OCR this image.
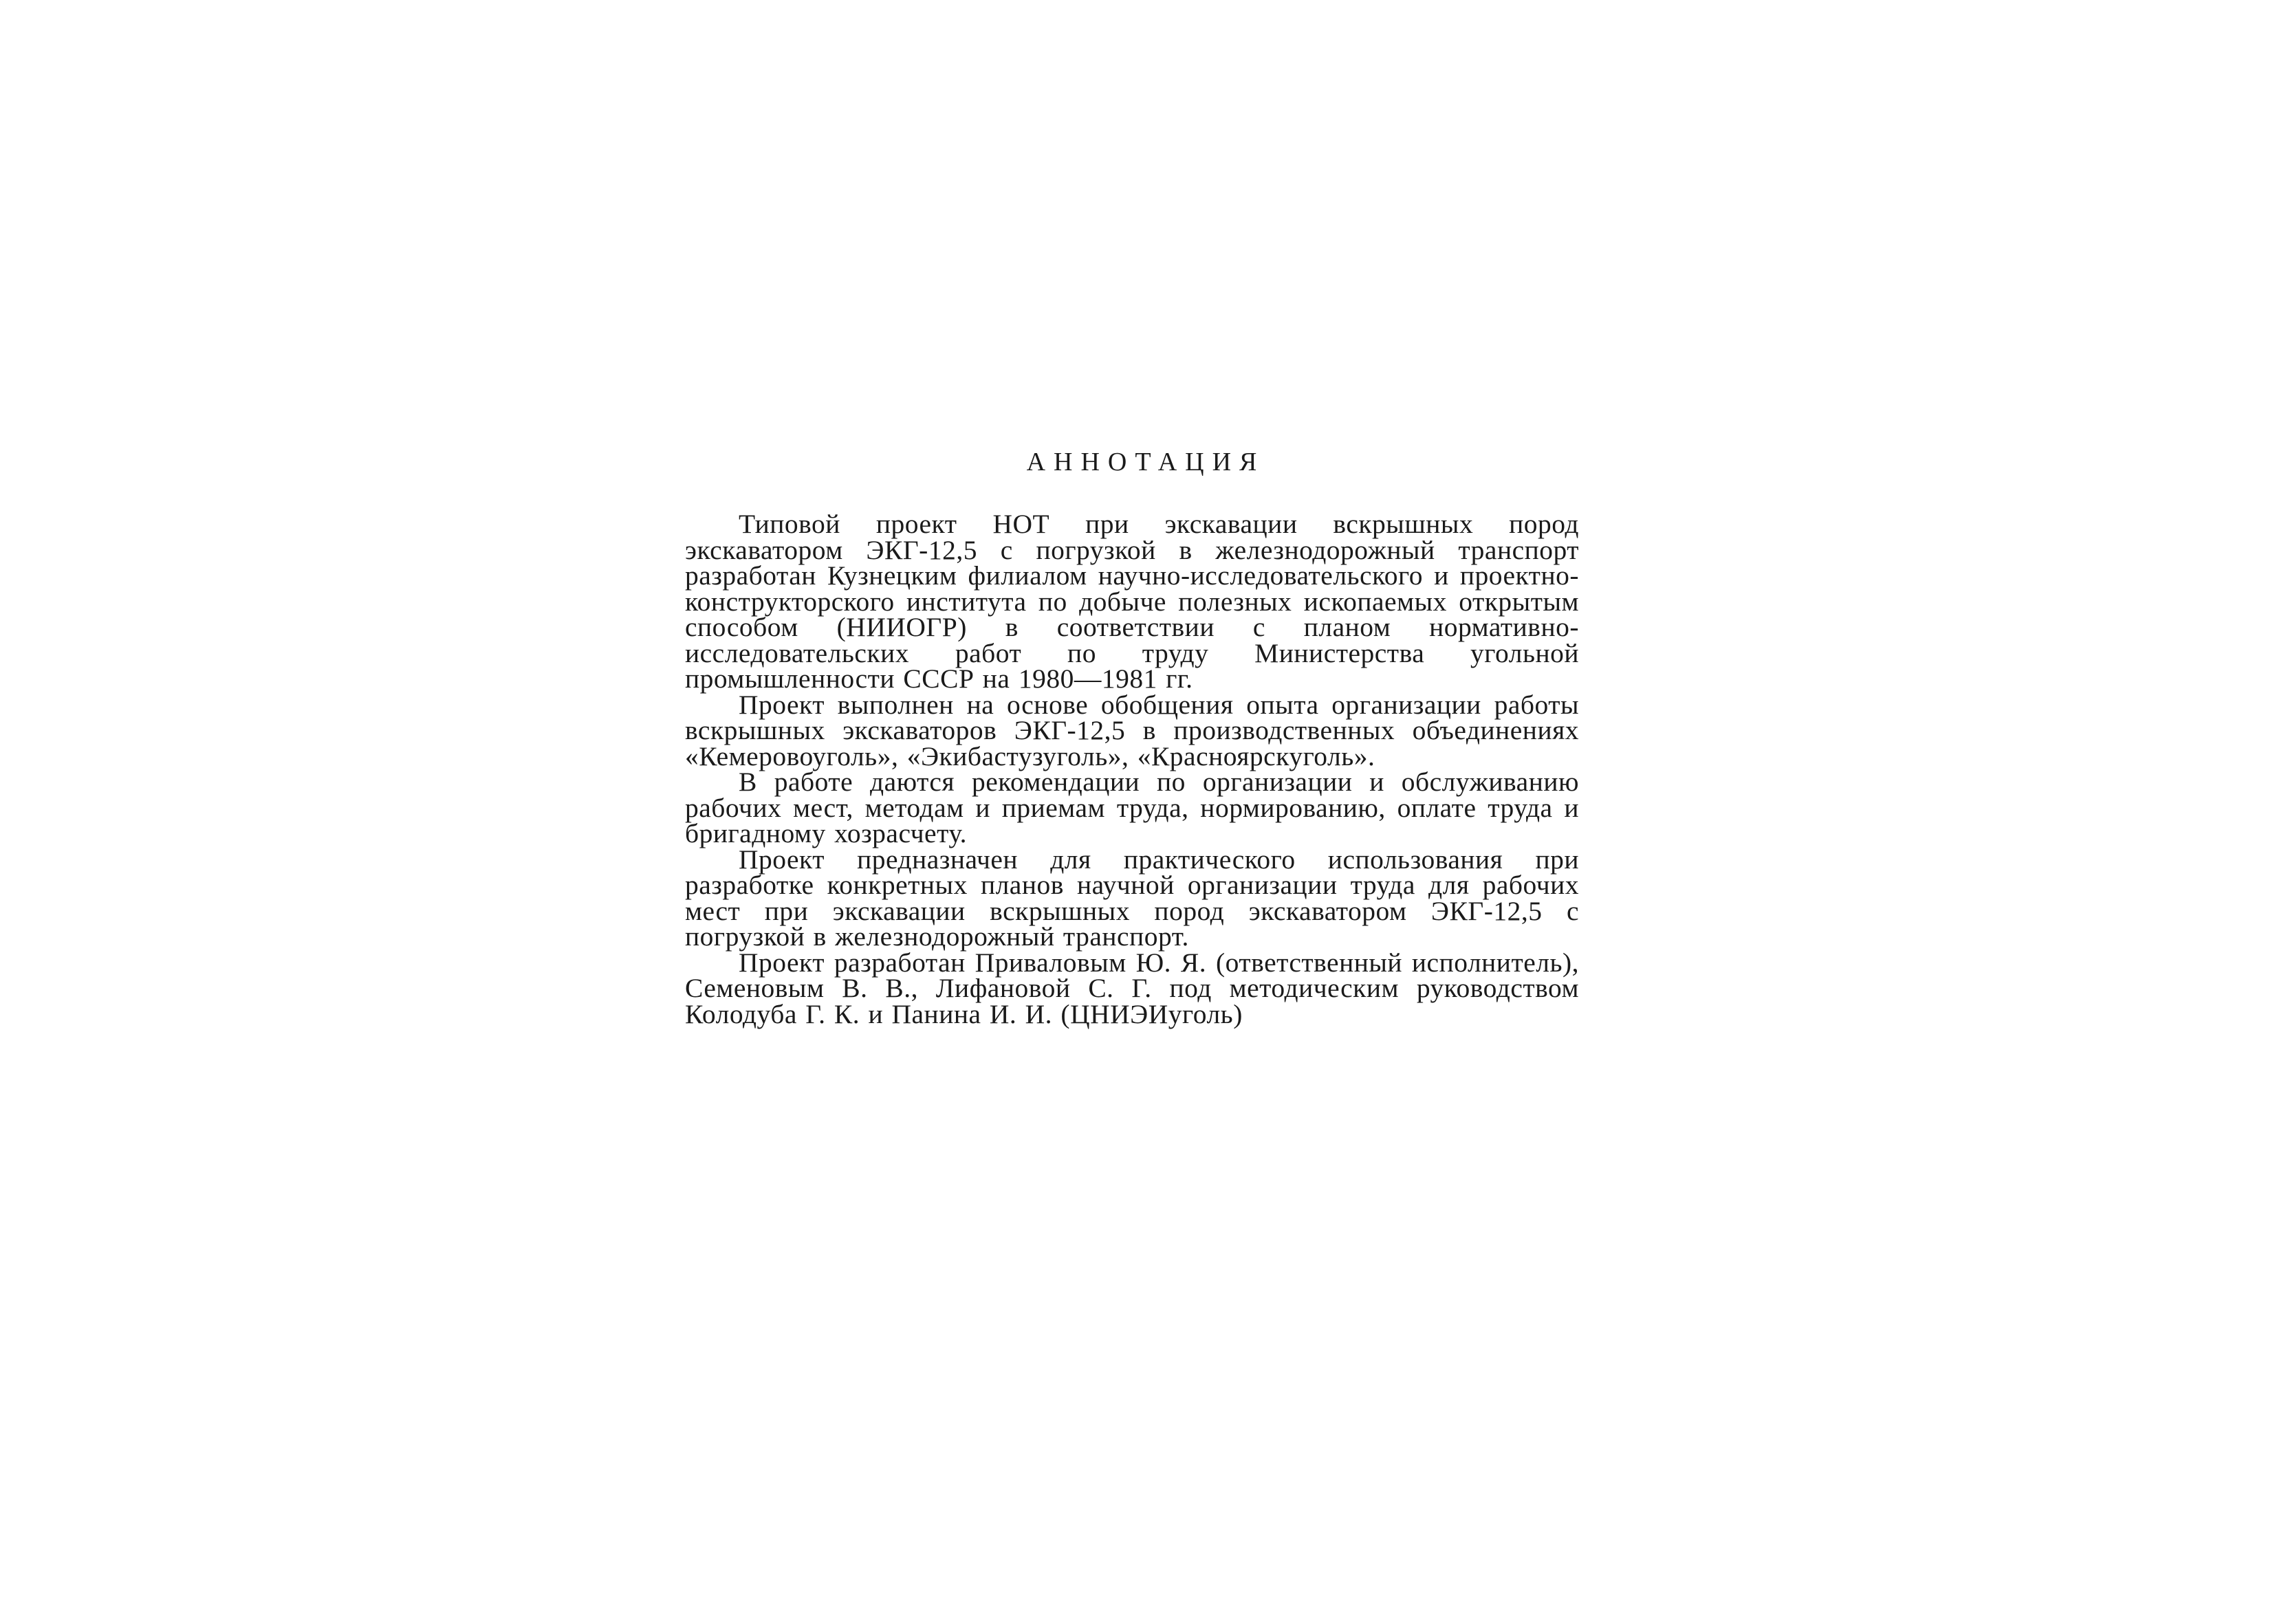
АННОТАЦИЯ

Типовой проект НОТ при экскавации вскрышных пород экскаватором ЭКГ-12,5 с погрузкой в железнодорожный транспорт разработан Кузнецким филиалом научно-исследовательского и проектно-конструкторского института по добыче полезных ископаемых открытым способом (НИИОГР) в соответствии с планом нормативно-исследовательских работ по труду Министерства угольной промышленности СССР на 1980—1981 гг.

Проект выполнен на основе обобщения опыта организации работы вскрышных экскаваторов ЭКГ-12,5 в производственных объединениях «Кемеровоуголь», «Экибастузуголь», «Красноярскуголь».

В работе даются рекомендации по организации и обслуживанию рабочих мест, методам и приемам труда, нормированию, оплате труда и бригадному хозрасчету.

Проект предназначен для практического использования при разработке конкретных планов научной организации труда для рабочих мест при экскавации вскрышных пород экскаватором ЭКГ-12,5 с погрузкой в железнодорожный транспорт.

Проект разработан Приваловым Ю. Я. (ответственный исполнитель), Семеновым В. В., Лифановой С. Г. под методическим руководством Колодуба Г. К. и Панина И. И. (ЦНИЭИуголь)
